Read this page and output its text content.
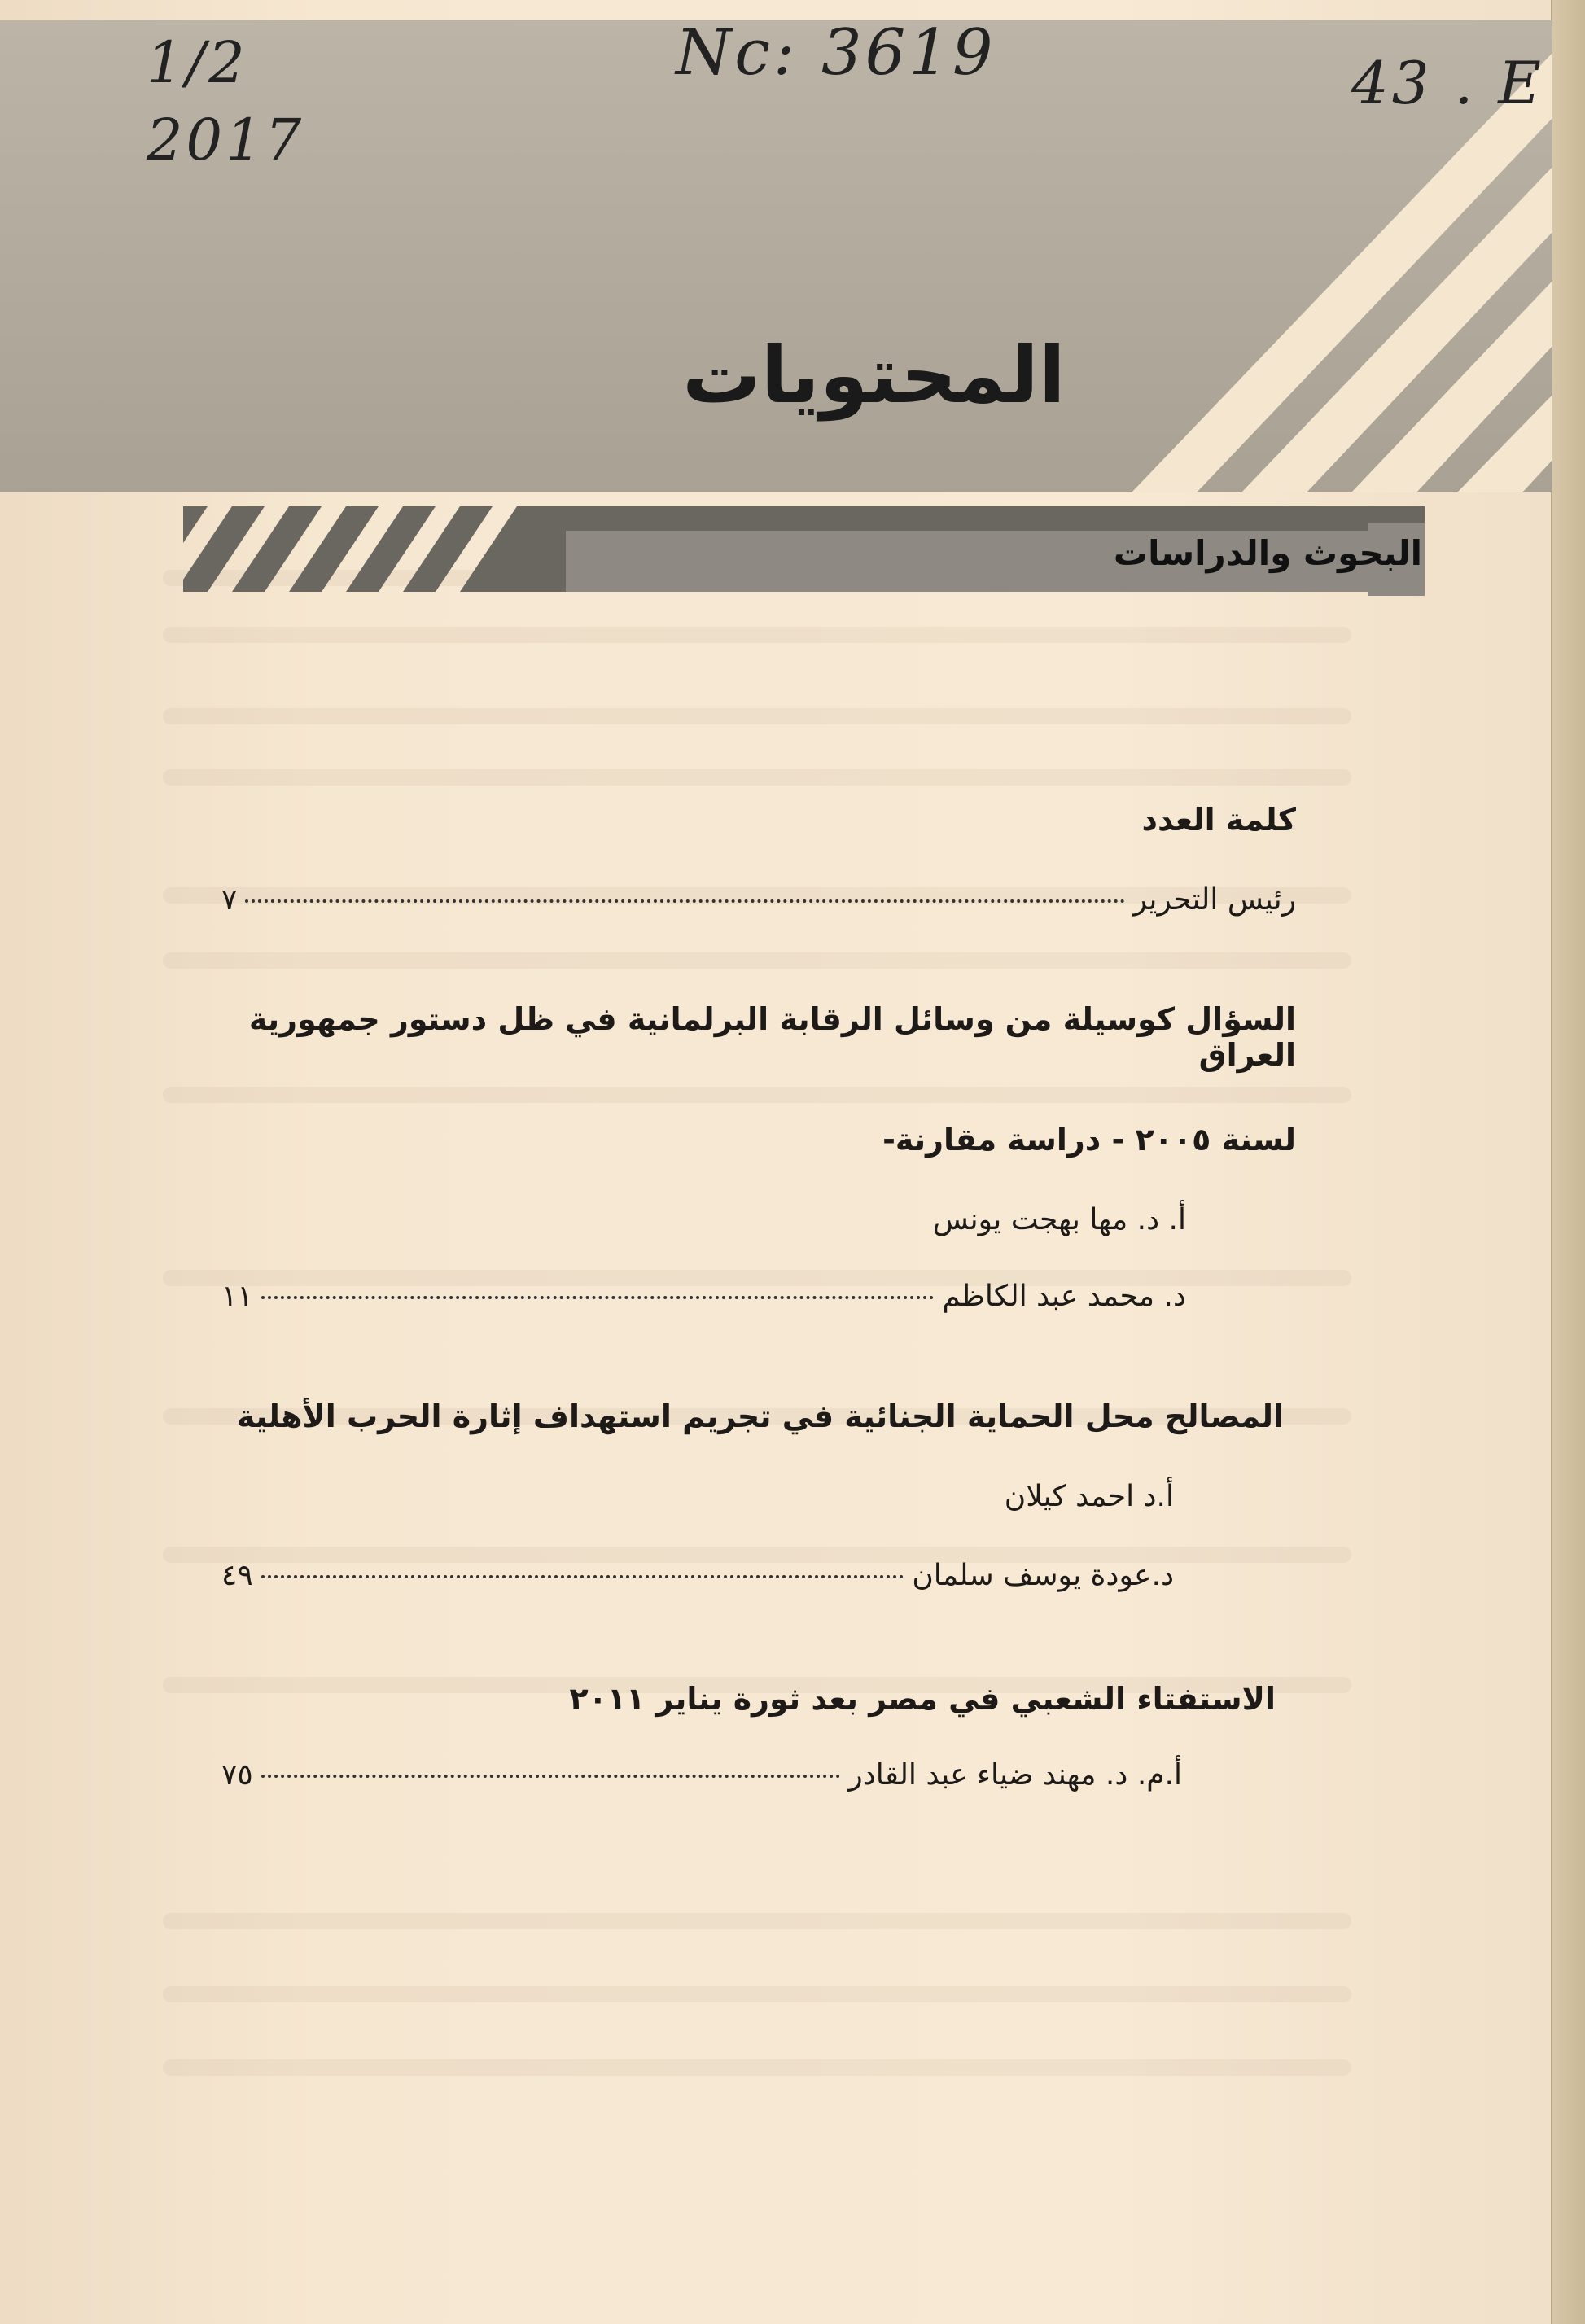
المحتويات
Nc: 3619	43 . E
1/2
2017
البحوث والدراسات
كلمة العدد
رئيس التحرير
٧
السؤال كوسيلة من وسائل الرقابة البرلمانية في ظل دستور جمهورية العراق
لسنة ٢٠٠٥ - دراسة مقارنة-
أ. د. مها بهجت يونس
د. محمد عبد الكاظم
١١
المصالح محل الحماية الجنائية في تجريم استهداف إثارة الحرب الأهلية
أ.د احمد كيلان
د.عودة يوسف سلمان
٤٩
الاستفتاء الشعبي في مصر بعد ثورة يناير ٢٠١١
أ.م. د. مهند ضياء عبد القادر
٧٥
